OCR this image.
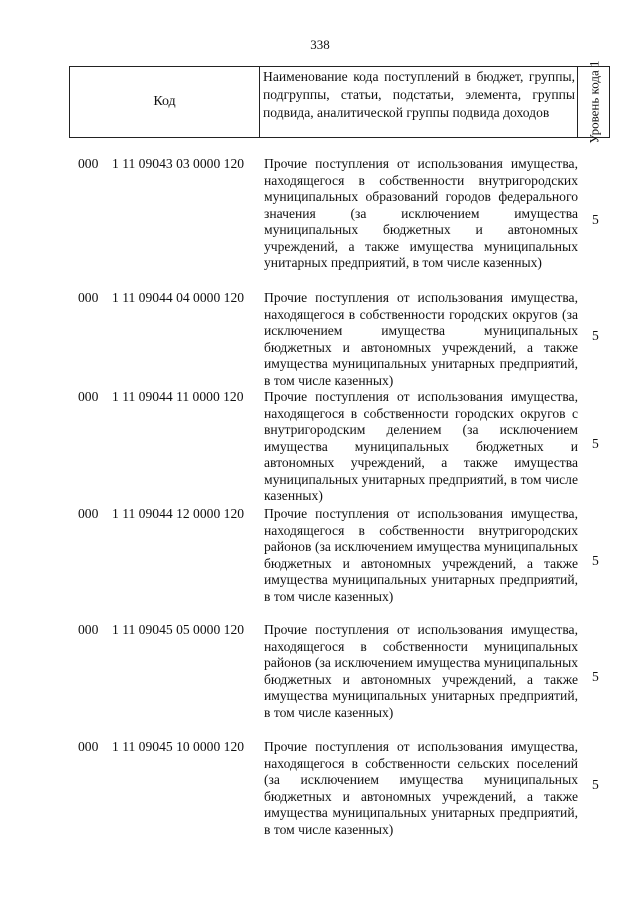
338
Код
Наименование кода поступлений в бюджет, группы, подгруппы, статьи, подстатьи, элемента, группы подвида, аналитической группы подвида доходов	Уровень кода 1
000 1 11 09043 03 0000 120 Прочие поступления от использования имущества, находящегося в собственности внутригородских муниципальных образований городов федерального значения (за исключением имущества муниципальных бюджетных и автономных учреждений, а также имущества муниципальных унитарных предприятий, в том числе казенных)
5
000 1 11 09044 04 0000 120 Прочие поступления от использования имущества, находящегося в собственности городских округов (за исключением имущества муниципальных бюджетных и автономных учреждений, а также имущества муниципальных унитарных предприятий, в том числе казенных)
5
000 1 11 09044 11 0000 120 Прочие поступления от использования имущества, находящегося в собственности городских округов с внутригородским делением (за исключением имущества муниципальных бюджетных и автономных учреждений, а также имущества муниципальных унитарных предприятий, в том числе казенных)
5
000 1 11 09044 12 0000 120 Прочие поступления от использования имущества, находящегося в собственности внутригородских районов (за исключением имущества муниципальных бюджетных и автономных учреждений, а также имущества муниципальных унитарных предприятий, в том числе казенных)
5
000 1 11 09045 05 0000 120 Прочие поступления от использования имущества, находящегося в собственности муниципальных районов (за исключением имущества муниципальных бюджетных и автономных учреждений, а также имущества муниципальных унитарных предприятий, в том числе казенных)
5
000 1 11 09045 10 0000 120 Прочие поступления от использования имущества, находящегося в собственности сельских поселений (за исключением имущества муниципальных бюджетных и автономных учреждений, а также имущества муниципальных унитарных предприятий, в том числе казенных)
5
